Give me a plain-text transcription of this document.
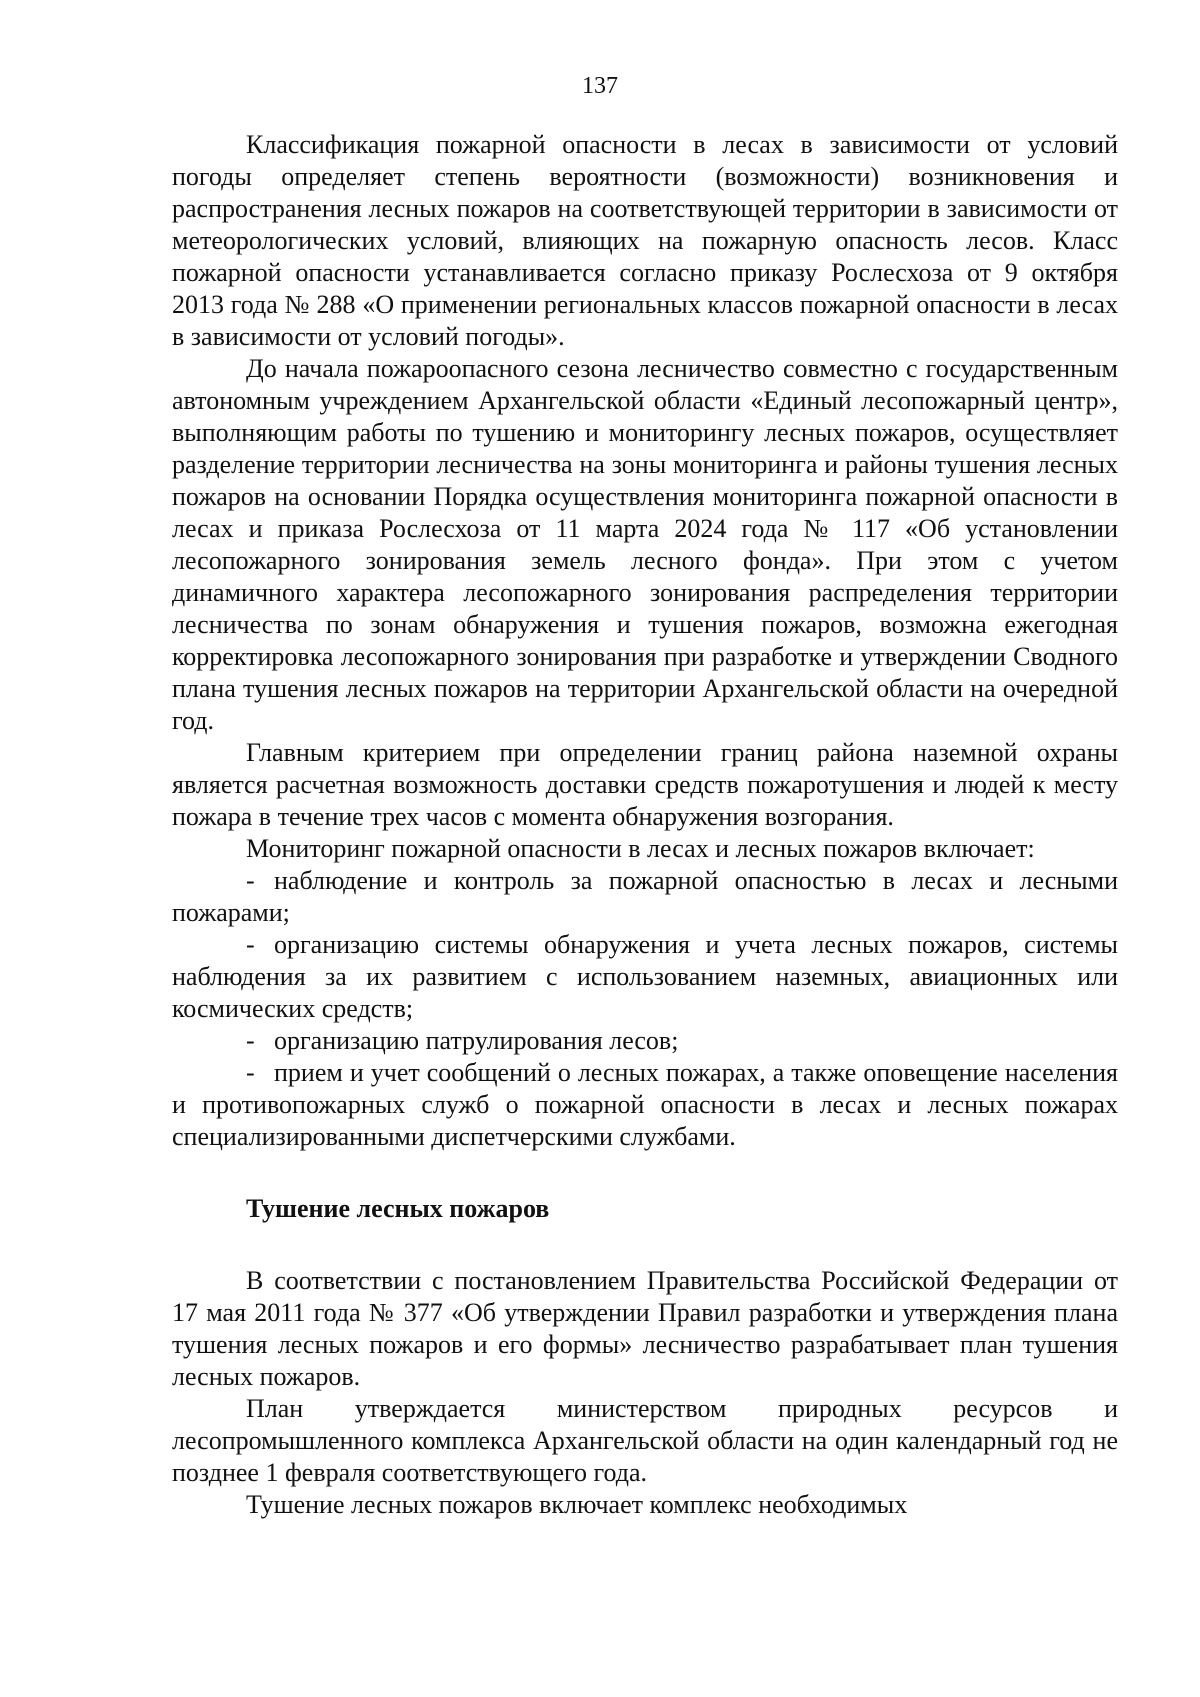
137

Классификация пожарной опасности в лесах в зависимости от условий погоды определяет степень вероятности (возможности) возникновения и распространения лесных пожаров на соответствующей территории в зависимости от метеорологических условий, влияющих на пожарную опасность лесов. Класс пожарной опасности устанавливается согласно приказу Рослесхоза от 9 октября 2013 года № 288 «О применении региональных классов пожарной опасности в лесах в зависимости от условий погоды».

До начала пожароопасного сезона лесничество совместно с государственным автономным учреждением Архангельской области «Единый лесопожарный центр», выполняющим работы по тушению и мониторингу лесных пожаров, осуществляет разделение территории лесничества на зоны мониторинга и районы тушения лесных пожаров на основании Порядка осуществления мониторинга пожарной опасности в лесах и приказа Рослесхоза от 11 марта 2024 года № 117 «Об установлении лесопожарного зонирования земель лесного фонда». При этом с учетом динамичного характера лесопожарного зонирования распределения территории лесничества по зонам обнаружения и тушения пожаров, возможна ежегодная корректировка лесопожарного зонирования при разработке и утверждении Сводного плана тушения лесных пожаров на территории Архангельской области на очередной год.

Главным критерием при определении границ района наземной охраны является расчетная возможность доставки средств пожаротушения и людей к месту пожара в течение трех часов с момента обнаружения возгорания.

Мониторинг пожарной опасности в лесах и лесных пожаров включает:

- наблюдение и контроль за пожарной опасностью в лесах и лесными пожарами;

- организацию системы обнаружения и учета лесных пожаров, системы наблюдения за их развитием с использованием наземных, авиационных или космических средств;

- организацию патрулирования лесов;

- прием и учет сообщений о лесных пожарах, а также оповещение населения и противопожарных служб о пожарной опасности в лесах и лесных пожарах специализированными диспетчерскими службами.

Тушение лесных пожаров

В соответствии с постановлением Правительства Российской Федерации от 17 мая 2011 года № 377 «Об утверждении Правил разработки и утверждения плана тушения лесных пожаров и его формы» лесничество разрабатывает план тушения лесных пожаров.

План утверждается министерством природных ресурсов и лесопромышленного комплекса Архангельской области на один календарный год не позднее 1 февраля соответствующего года.

Тушение лесных пожаров включает комплекс необходимых
